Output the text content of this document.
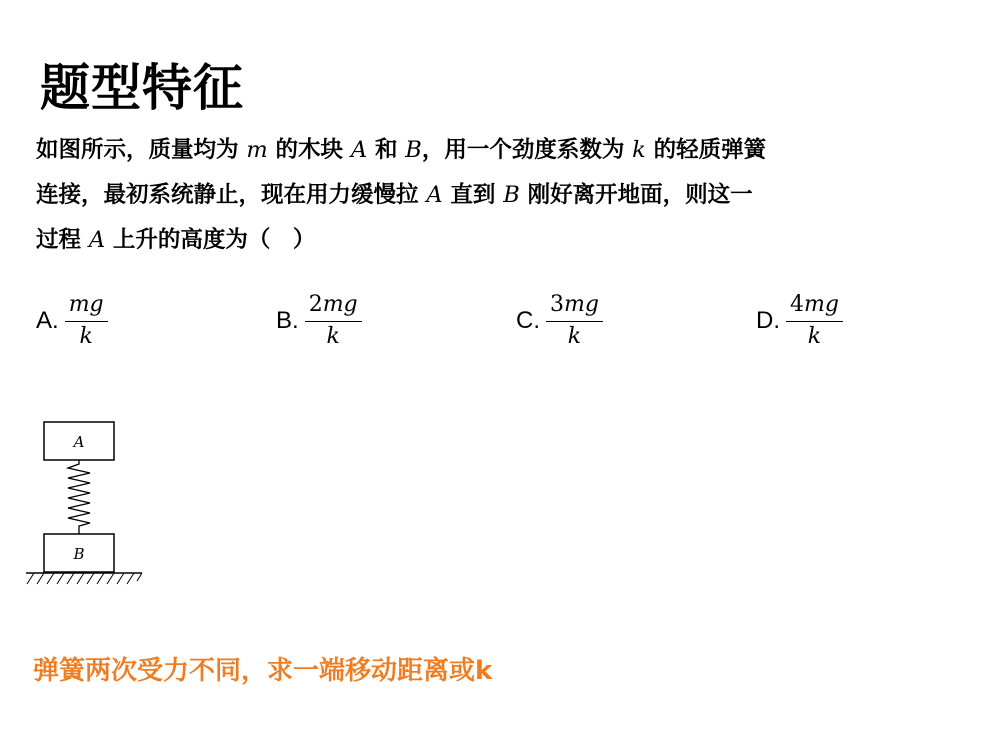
题型特征
如图所示，质量均为 m 的木块 A 和 B，用一个劲度系数为 k 的轻质弹簧
连接，最初系统静止，现在用力缓慢拉 A 直到 B 刚好离开地面，则这一
过程 A 上升的高度为（　）
A. $\frac{mg}{k}$	B. $\frac{2mg}{k}$	C. $\frac{3mg}{k}$	D. $\frac{4mg}{k}$
A
B
弹簧两次受力不同，求一端移动距离或k
